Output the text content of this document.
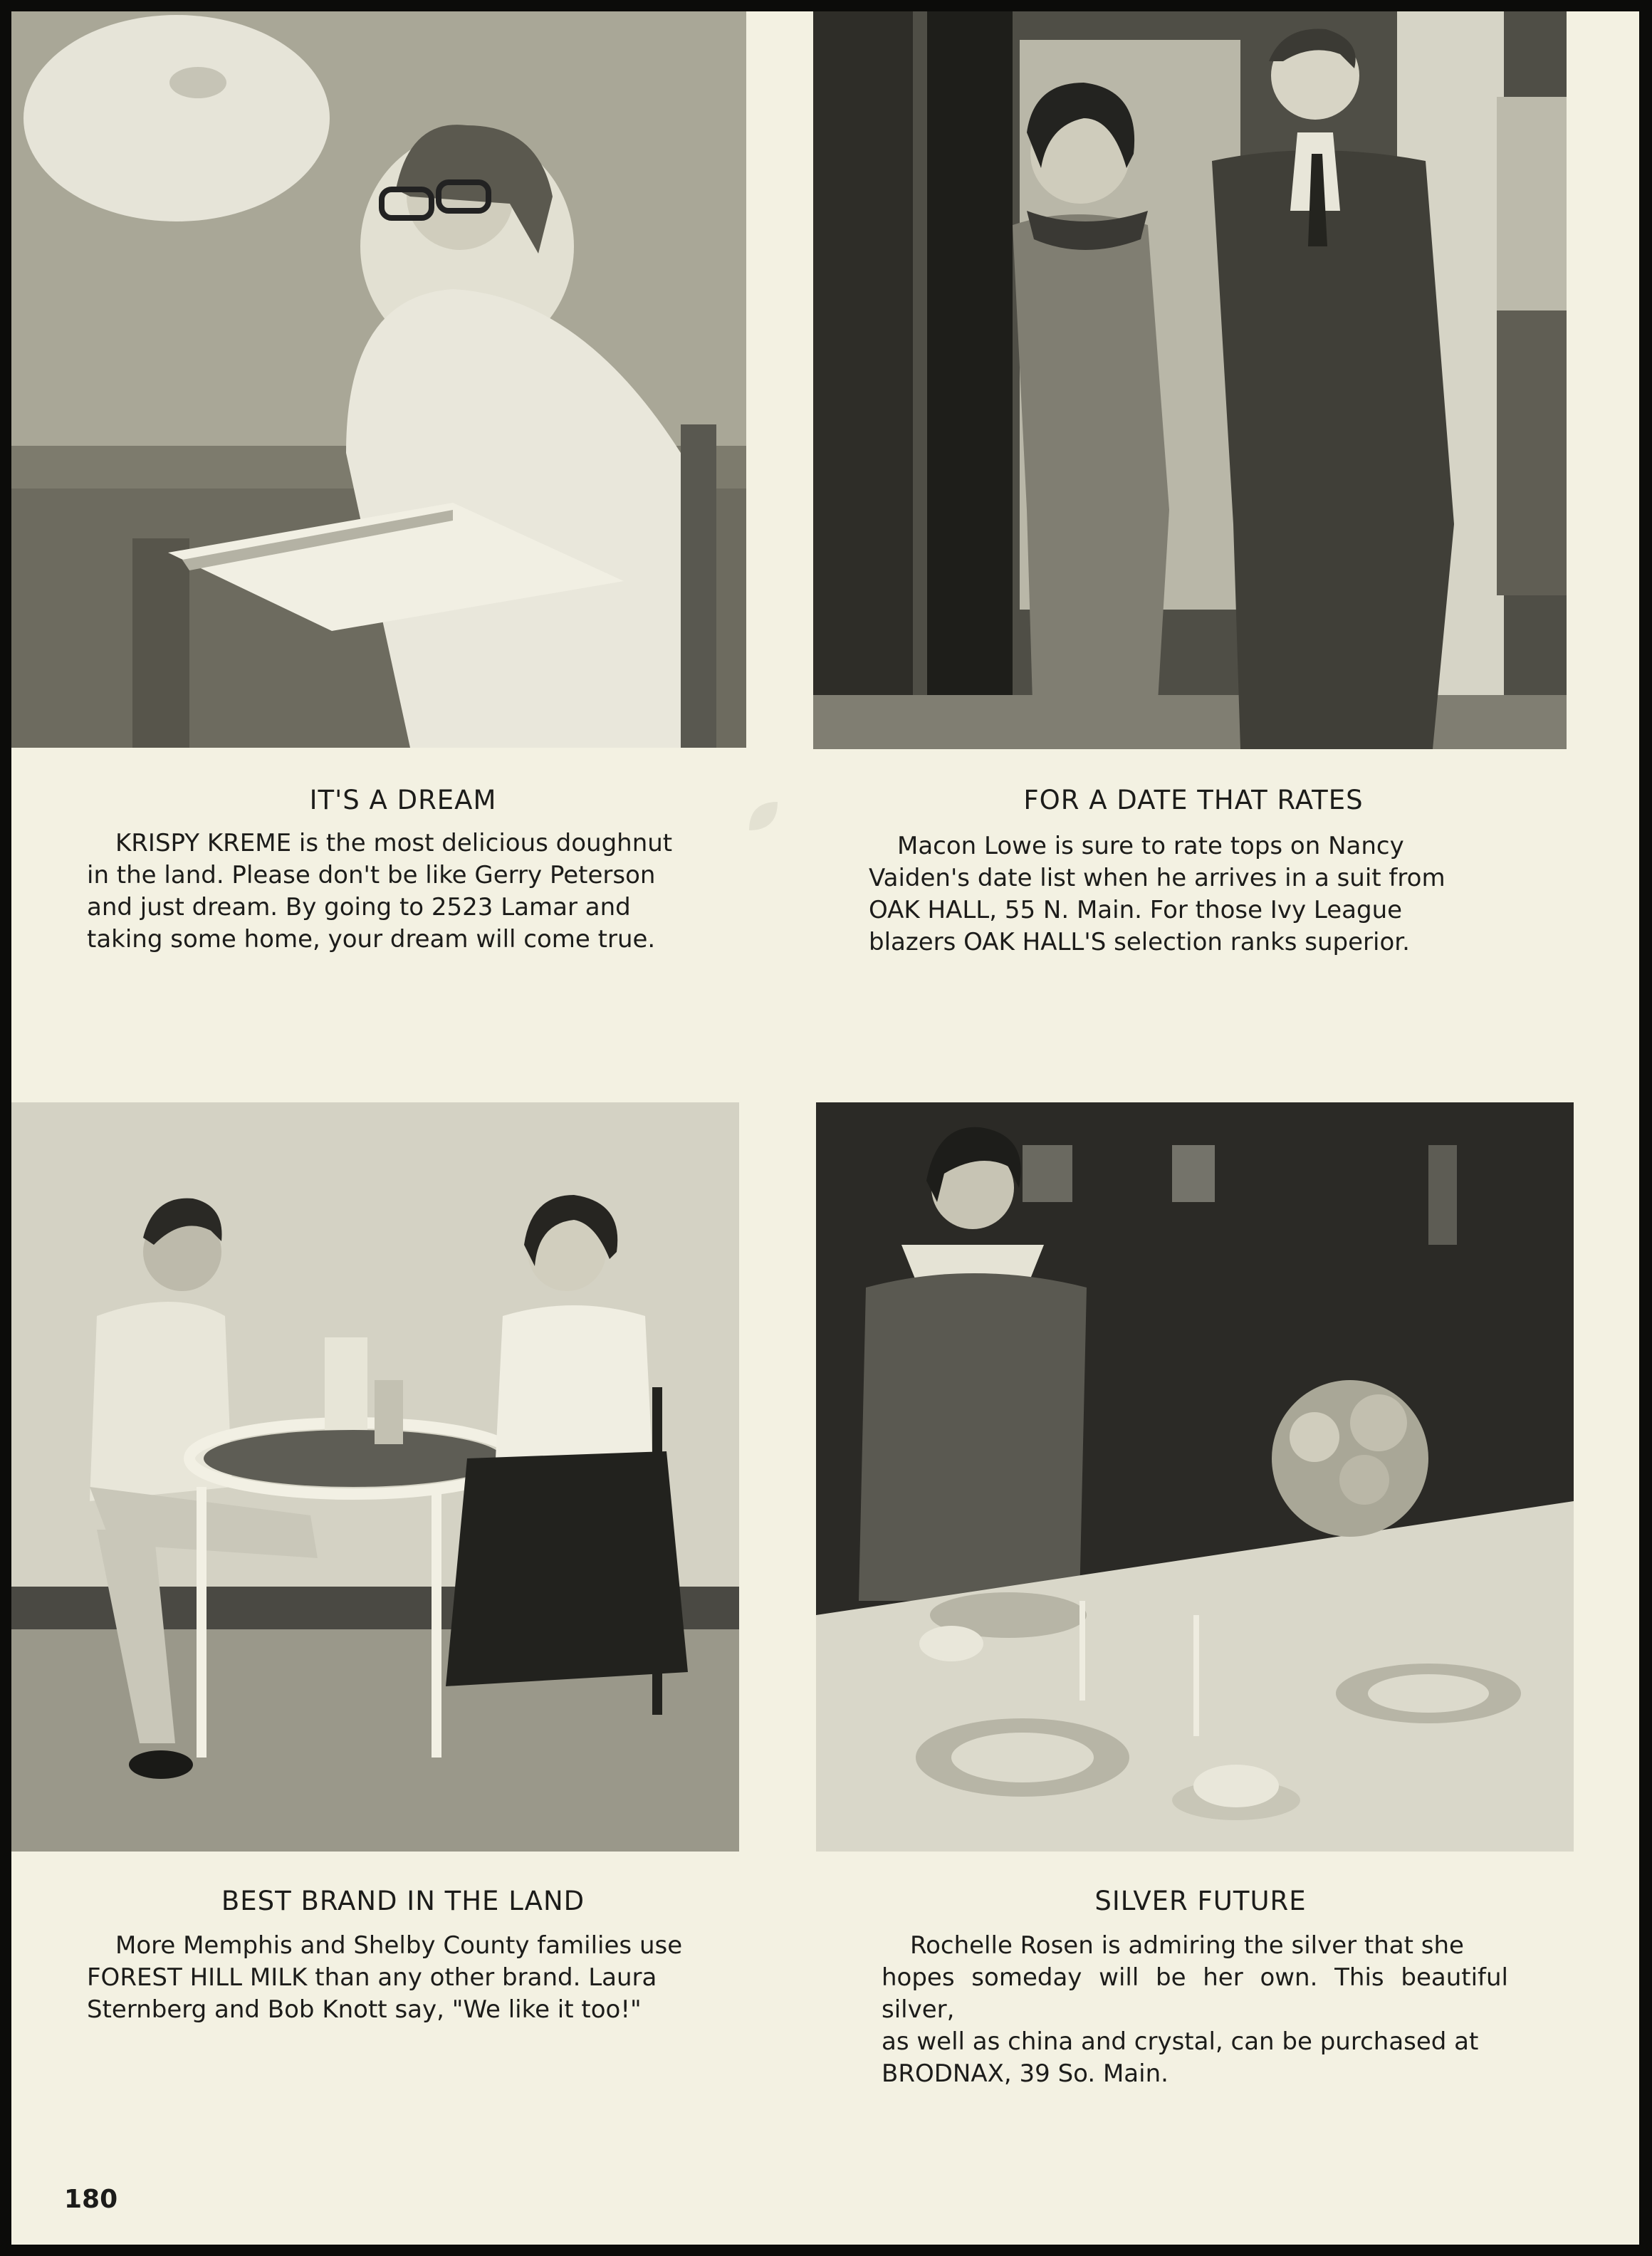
IT'S A DREAM
KRISPY KREME is the most delicious doughnut
in the land. Please don't be like Gerry Peterson
and just dream. By going to 2523 Lamar and
taking some home, your dream will come true.
FOR A DATE THAT RATES
Macon Lowe is sure to rate tops on Nancy
Vaiden's date list when he arrives in a suit from
OAK HALL, 55 N. Main. For those Ivy League
blazers OAK HALL'S selection ranks superior.
BEST BRAND IN THE LAND
More Memphis and Shelby County families use
FOREST HILL MILK than any other brand. Laura
Sternberg and Bob Knott say, "We like it too!"
SILVER FUTURE
Rochelle Rosen is admiring the silver that she
hopes someday will be her own. This beautiful silver,
as well as china and crystal, can be purchased at
BRODNAX, 39 So. Main.
180
